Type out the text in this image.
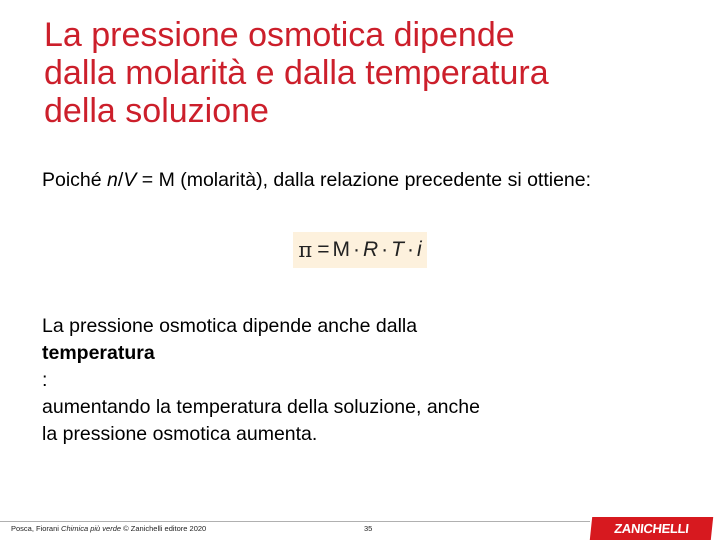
La pressione osmotica dipende
dalla molarità e dalla temperatura
della soluzione
Poiché n/V = M (molarità), dalla relazione precedente si ottiene:
π = M · R · T · i
La pressione osmotica dipende anche dalla
temperatura
:
aumentando la temperatura della soluzione, anche
la pressione osmotica aumenta.
Posca, Fiorani Chimica più verde © Zanichelli editore 2020	35	ZANICHELLI
